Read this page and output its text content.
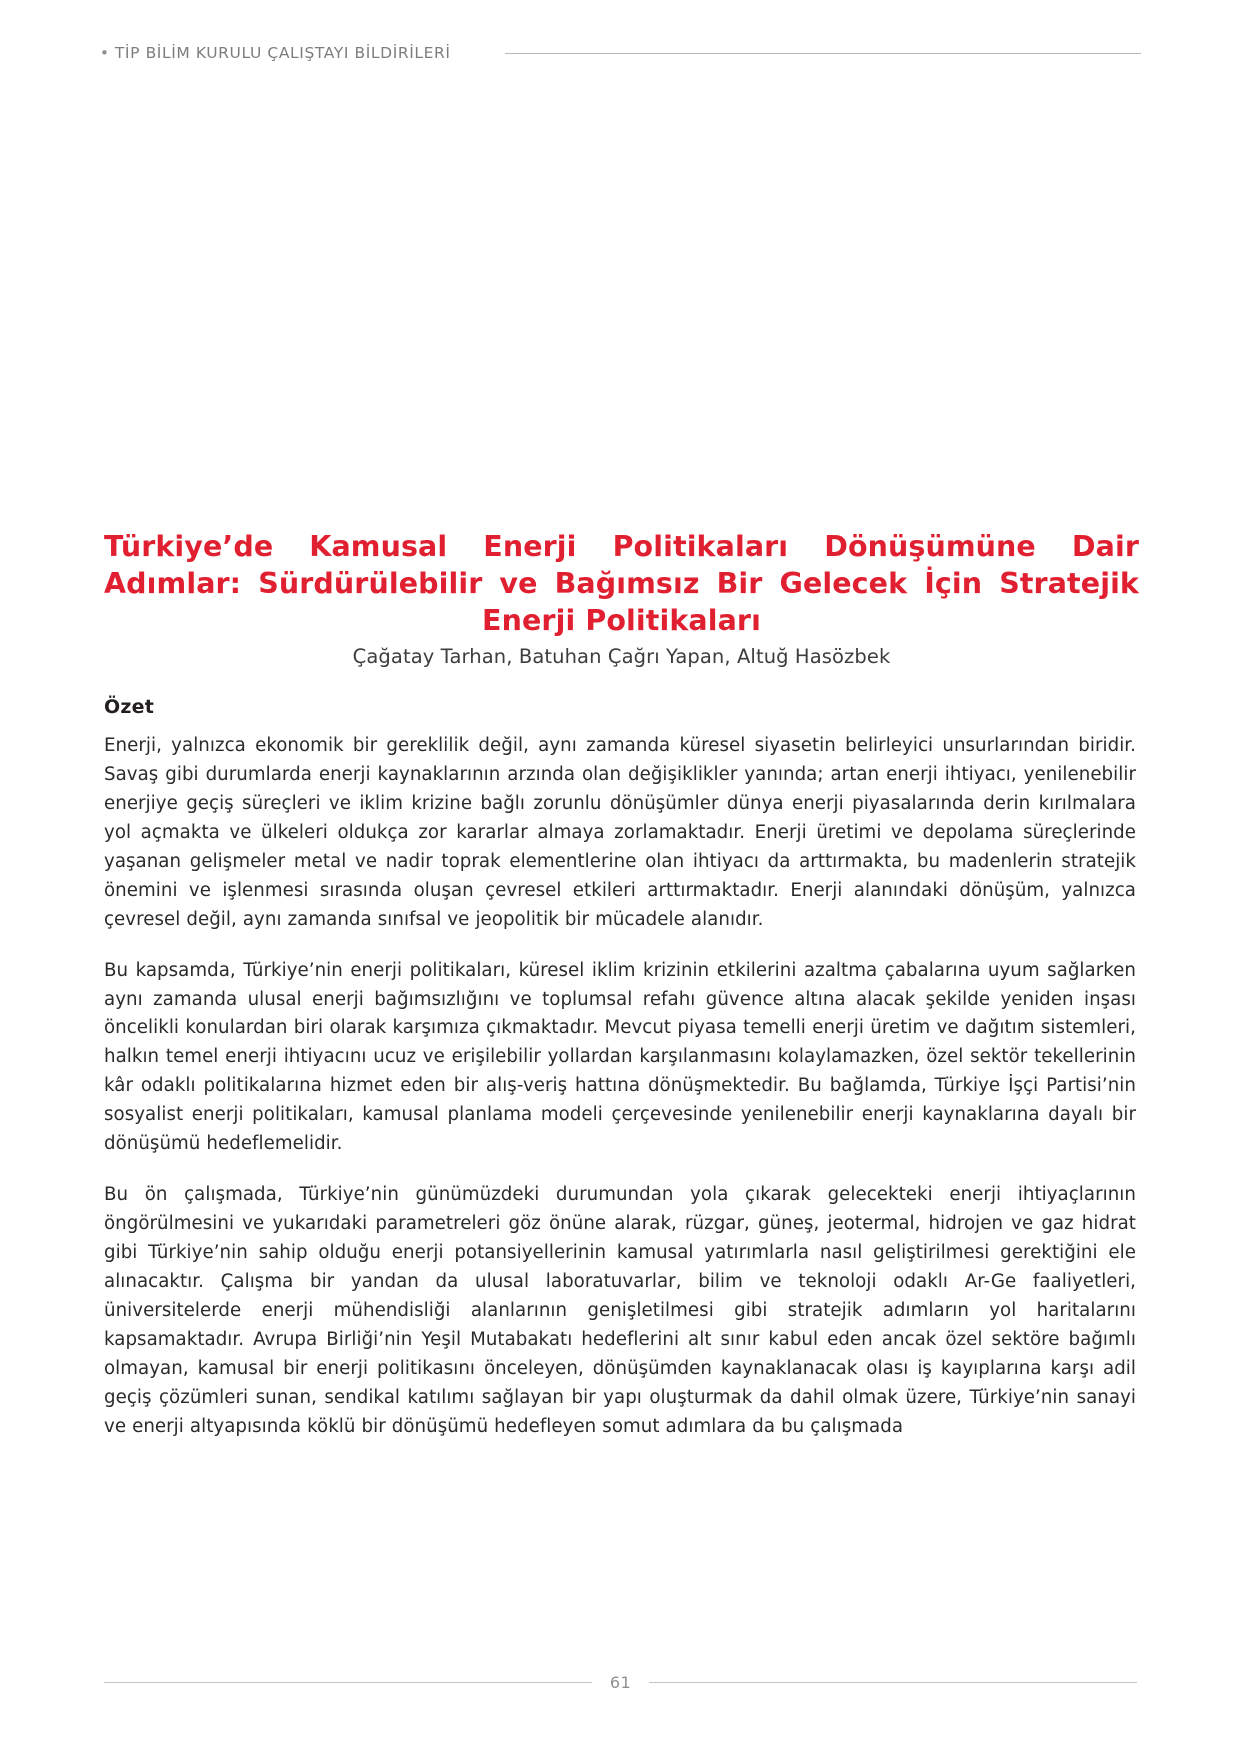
• TİP BİLİM KURULU ÇALIŞTAYI BİLDİRİLERİ
Türkiye’de Kamusal Enerji Politikaları Dönüşümüne Dair Adımlar: Sürdürülebilir ve Bağımsız Bir Gelecek İçin Stratejik Enerji Politikaları
Çağatay Tarhan, Batuhan Çağrı Yapan, Altuğ Hasözbek
Özet

Enerji, yalnızca ekonomik bir gereklilik değil, aynı zamanda küresel siyasetin belirleyici unsurlarından biridir. Savaş gibi durumlarda enerji kaynaklarının arzında olan değişiklikler yanında; artan enerji ihtiyacı, yenilenebilir enerjiye geçiş süreçleri ve iklim krizine bağlı zorunlu dönüşümler dünya enerji piyasalarında derin kırılmalara yol açmakta ve ülkeleri oldukça zor kararlar almaya zorlamaktadır. Enerji üretimi ve depolama süreçlerinde yaşanan gelişmeler metal ve nadir toprak elementlerine olan ihtiyacı da arttırmakta, bu madenlerin stratejik önemini ve işlenmesi sırasında oluşan çevresel etkileri arttırmaktadır. Enerji alanındaki dönüşüm, yalnızca çevresel değil, aynı zamanda sınıfsal ve jeopolitik bir mücadele alanıdır.

Bu kapsamda, Türkiye’nin enerji politikaları, küresel iklim krizinin etkilerini azaltma çabalarına uyum sağlarken aynı zamanda ulusal enerji bağımsızlığını ve toplumsal refahı güvence altına alacak şekilde yeniden inşası öncelikli konulardan biri olarak karşımıza çıkmaktadır. Mevcut piyasa temelli enerji üretim ve dağıtım sistemleri, halkın temel enerji ihtiyacını ucuz ve erişilebilir yollardan karşılanmasını kolaylamazken, özel sektör tekellerinin kâr odaklı politikalarına hizmet eden bir alış-veriş hattına dönüşmektedir. Bu bağlamda, Türkiye İşçi Partisi’nin sosyalist enerji politikaları, kamusal planlama modeli çerçevesinde yenilenebilir enerji kaynaklarına dayalı bir dönüşümü hedeflemelidir.

Bu ön çalışmada, Türkiye’nin günümüzdeki durumundan yola çıkarak gelecekteki enerji ihtiyaçlarının öngörülmesini ve yukarıdaki parametreleri göz önüne alarak, rüzgar, güneş, jeotermal, hidrojen ve gaz hidrat gibi Türkiye’nin sahip olduğu enerji potansiyellerinin kamusal yatırımlarla nasıl geliştirilmesi gerektiğini ele alınacaktır. Çalışma bir yandan da ulusal laboratuvarlar, bilim ve teknoloji odaklı Ar-Ge faaliyetleri, üniversitelerde enerji mühendisliği alanlarının genişletilmesi gibi stratejik adımların yol haritalarını kapsamaktadır. Avrupa Birliği’nin Yeşil Mutabakatı hedeflerini alt sınır kabul eden ancak özel sektöre bağımlı olmayan, kamusal bir enerji politikasını önceleyen, dönüşümden kaynaklanacak olası iş kayıplarına karşı adil geçiş çözümleri sunan, sendikal katılımı sağlayan bir yapı oluşturmak da dahil olmak üzere, Türkiye’nin sanayi ve enerji altyapısında köklü bir dönüşümü hedefleyen somut adımlara da bu çalışmada

61
